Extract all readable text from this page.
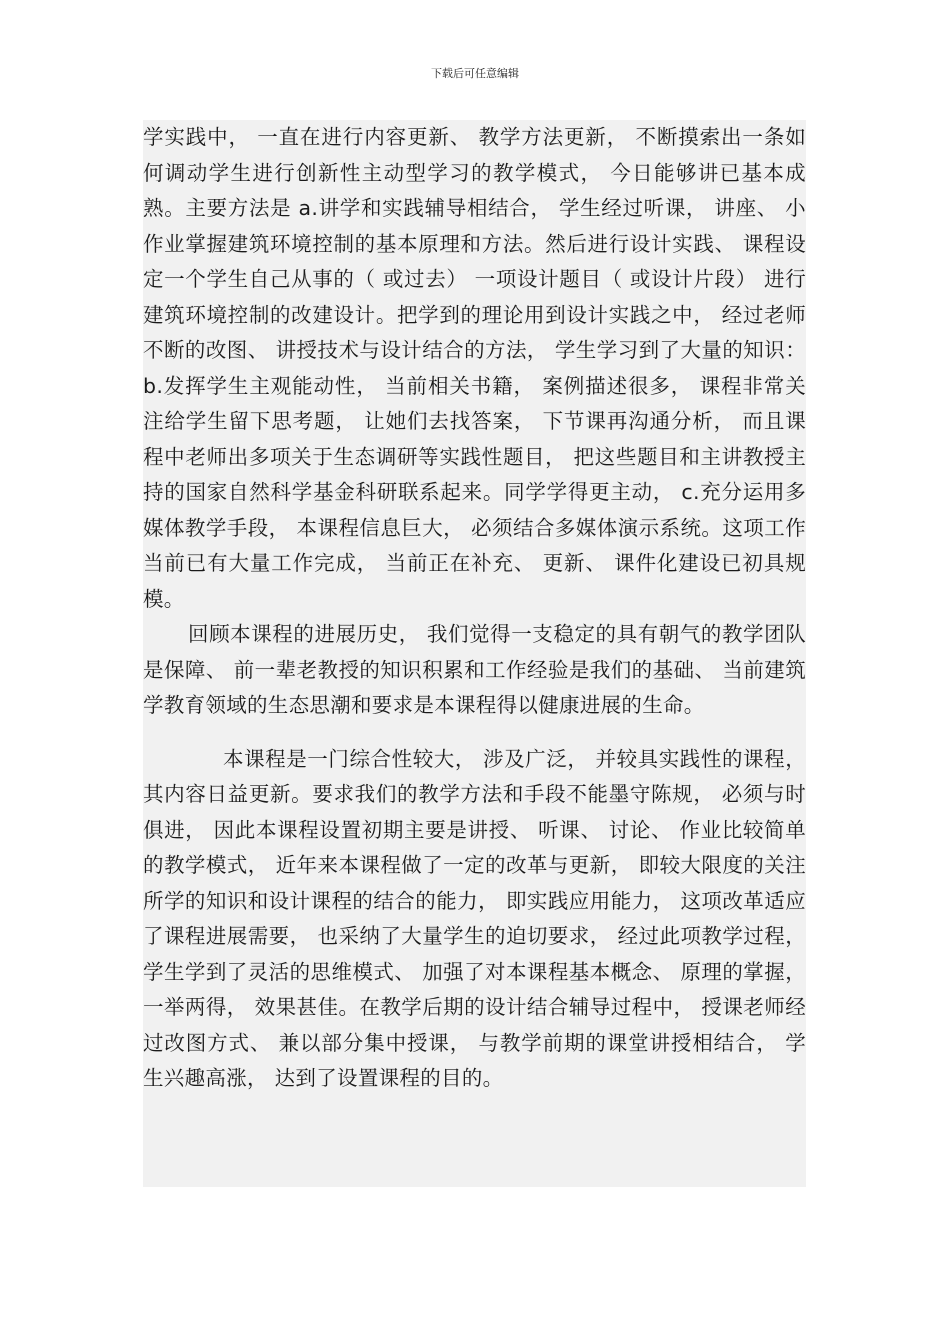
下载后可任意编辑

学实践中， 一直在进行内容更新、 教学方法更新， 不断摸索出一条如何调动学生进行创新性主动型学习的教学模式， 今日能够讲已基本成熟。主要方法是 a.讲学和实践辅导相结合， 学生经过听课， 讲座、 小作业掌握建筑环境控制的基本原理和方法。然后进行设计实践、 课程设定一个学生自己从事的（ 或过去） 一项设计题目（ 或设计片段） 进行建筑环境控制的改建设计。把学到的理论用到设计实践之中， 经过老师不断的改图、 讲授技术与设计结合的方法， 学生学习到了大量的知识：b.发挥学生主观能动性， 当前相关书籍， 案例描述很多， 课程非常关注给学生留下思考题， 让她们去找答案， 下节课再沟通分析， 而且课程中老师出多项关于生态调研等实践性题目， 把这些题目和主讲教授主持的国家自然科学基金科研联系起来。同学学得更主动， c.充分运用多媒体教学手段， 本课程信息巨大， 必须结合多媒体演示系统。这项工作当前已有大量工作完成， 当前正在补充、 更新、 课件化建设已初具规模。

回顾本课程的进展历史， 我们觉得一支稳定的具有朝气的教学团队是保障、 前一辈老教授的知识积累和工作经验是我们的基础、 当前建筑学教育领域的生态思潮和要求是本课程得以健康进展的生命。

本课程是一门综合性较大， 涉及广泛， 并较具实践性的课程， 其内容日益更新。要求我们的教学方法和手段不能墨守陈规， 必须与时俱进， 因此本课程设置初期主要是讲授、 听课、 讨论、 作业比较简单的教学模式， 近年来本课程做了一定的改革与更新， 即较大限度的关注所学的知识和设计课程的结合的能力， 即实践应用能力， 这项改革适应了课程进展需要， 也采纳了大量学生的迫切要求， 经过此项教学过程， 学生学到了灵活的思维模式、 加强了对本课程基本概念、 原理的掌握， 一举两得， 效果甚佳。在教学后期的设计结合辅导过程中， 授课老师经过改图方式、 兼以部分集中授课， 与教学前期的课堂讲授相结合， 学生兴趣高涨， 达到了设置课程的目的。
